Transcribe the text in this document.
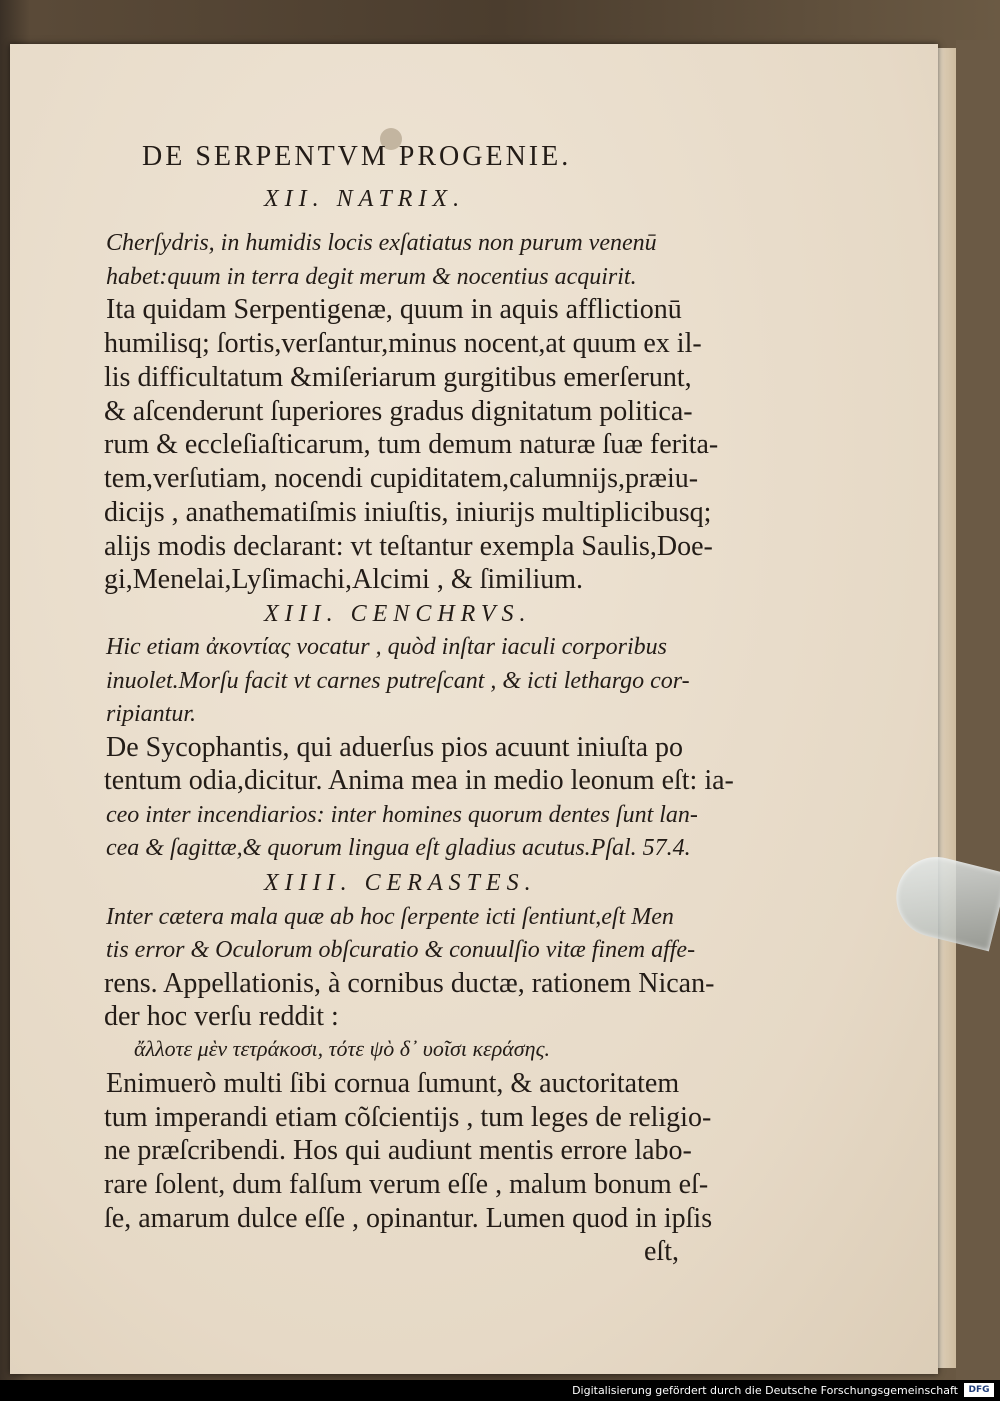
DE SERPENTVM PROGENIE.
XII. NATRIX.
Cherſydris, in humidis locis exſatiatus non purum venenū
habet:quum in terra degit merum & nocentius acquirit.
Ita quidam Serpentigenæ, quum in aquis afflictionū
humilisq; ſortis,verſantur,minus nocent,at quum ex il-
lis difficultatum &miſeriarum gurgitibus emerſerunt,
& aſcenderunt ſuperiores gradus dignitatum politica-
rum & eccleſiaſticarum, tum demum naturæ ſuæ ferita-
tem,verſutiam, nocendi cupiditatem,calumnijs,præiu-
dicijs , anathematiſmis iniuſtis, iniurijs multiplicibusq;
alijs modis declarant: vt teſtantur exempla Saulis,Doe-
gi,Menelai,Lyſimachi,Alcimi , & ſimilium.
XIII. CENCHRVS.
Hic etiam ἀκοντίας vocatur , quòd inſtar iaculi corporibus
inuolet.Morſu facit vt carnes putreſcant , & icti lethargo cor-
ripiantur.
De Sycophantis, qui aduerſus pios acuunt iniuſta po
tentum odia,dicitur. Anima mea in medio leonum eſt: ia-
ceo inter incendiarios: inter homines quorum dentes ſunt lan-
cea & ſagittæ,& quorum lingua eſt gladius acutus.Pſal. 57.4.
XIIII. CERASTES.
Inter cætera mala quæ ab hoc ſerpente icti ſentiunt,eſt Men
tis error & Oculorum obſcuratio & conuulſio vitæ finem affe-
rens. Appellationis, à cornibus ductæ, rationem Nican-
der hoc verſu reddit :
ἄλλοτε μὲν τετράκοσι, τότε ψὸ δ᾽ υοῖσι κεράσης.
Enimuerò multi ſibi cornua ſumunt, & auctoritatem
tum imperandi etiam cõſcientijs , tum leges de religio-
ne præſcribendi. Hos qui audiunt mentis errore labo-
rare ſolent, dum falſum verum eſſe , malum bonum eſ-
ſe, amarum dulce eſſe , opinantur. Lumen quod in ipſis
eſt,
Digitalisierung gefördert durch die Deutsche Forschungsgemeinschaft	DFG
